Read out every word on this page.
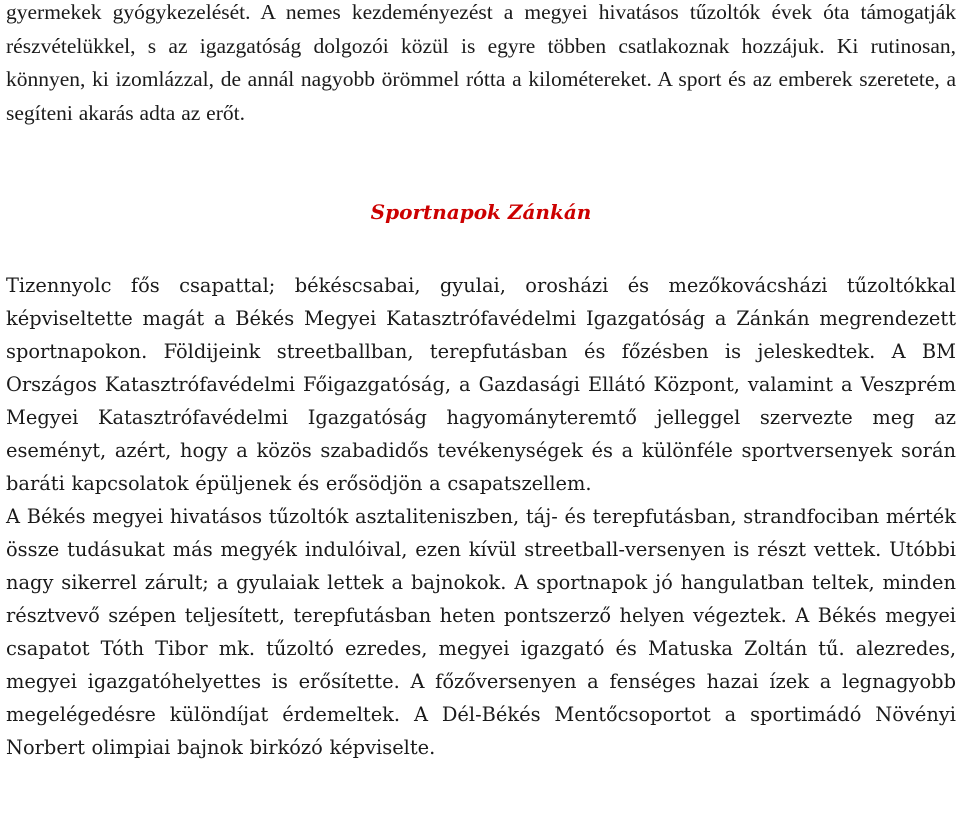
gyermekek gyógykezelését. A nemes kezdeményezést a megyei hivatásos tűzoltók évek óta támogatják részvételükkel, s az igazgatóság dolgozói közül is egyre többen csatlakoznak hozzájuk. Ki rutinosan, könnyen, ki izomlázzal, de annál nagyobb örömmel rótta a kilométereket. A sport és az emberek szeretete, a segíteni akarás adta az erőt.

Sportnapok Zánkán

Tizennyolc fős csapattal; békéscsabai, gyulai, orosházi és mezőkovácsházi tűzoltókkal képviseltette magát a Békés Megyei Katasztrófavédelmi Igazgatóság a Zánkán megrendezett sportnapokon. Földijeink streetballban, terepfutásban és főzésben is jeleskedtek. A BM Országos Katasztrófavédelmi Főigazgatóság, a Gazdasági Ellátó Központ, valamint a Veszprém Megyei Katasztrófavédelmi Igazgatóság hagyományteremtő jelleggel szervezte meg az eseményt, azért, hogy a közös szabadidős tevékenységek és a különféle sportversenyek során baráti kapcsolatok épüljenek és erősödjön a csapatszellem.

A Békés megyei hivatásos tűzoltók asztaliteniszben, táj- és terepfutásban, strandfociban mérték össze tudásukat más megyék indulóival, ezen kívül streetball-versenyen is részt vettek. Utóbbi nagy sikerrel zárult; a gyulaiak lettek a bajnokok. A sportnapok jó hangulatban teltek, minden résztvevő szépen teljesített, terepfutásban heten pontszerző helyen végeztek. A Békés megyei csapatot Tóth Tibor mk. tűzoltó ezredes, megyei igazgató és Matuska Zoltán tű. alezredes, megyei igazgatóhelyettes is erősítette. A főzőversenyen a fenséges hazai ízek a legnagyobb megelégedésre különdíjat érdemeltek. A Dél-Békés Mentőcsoportot a sportimádó Növényi Norbert olimpiai bajnok birkózó képviselte.
